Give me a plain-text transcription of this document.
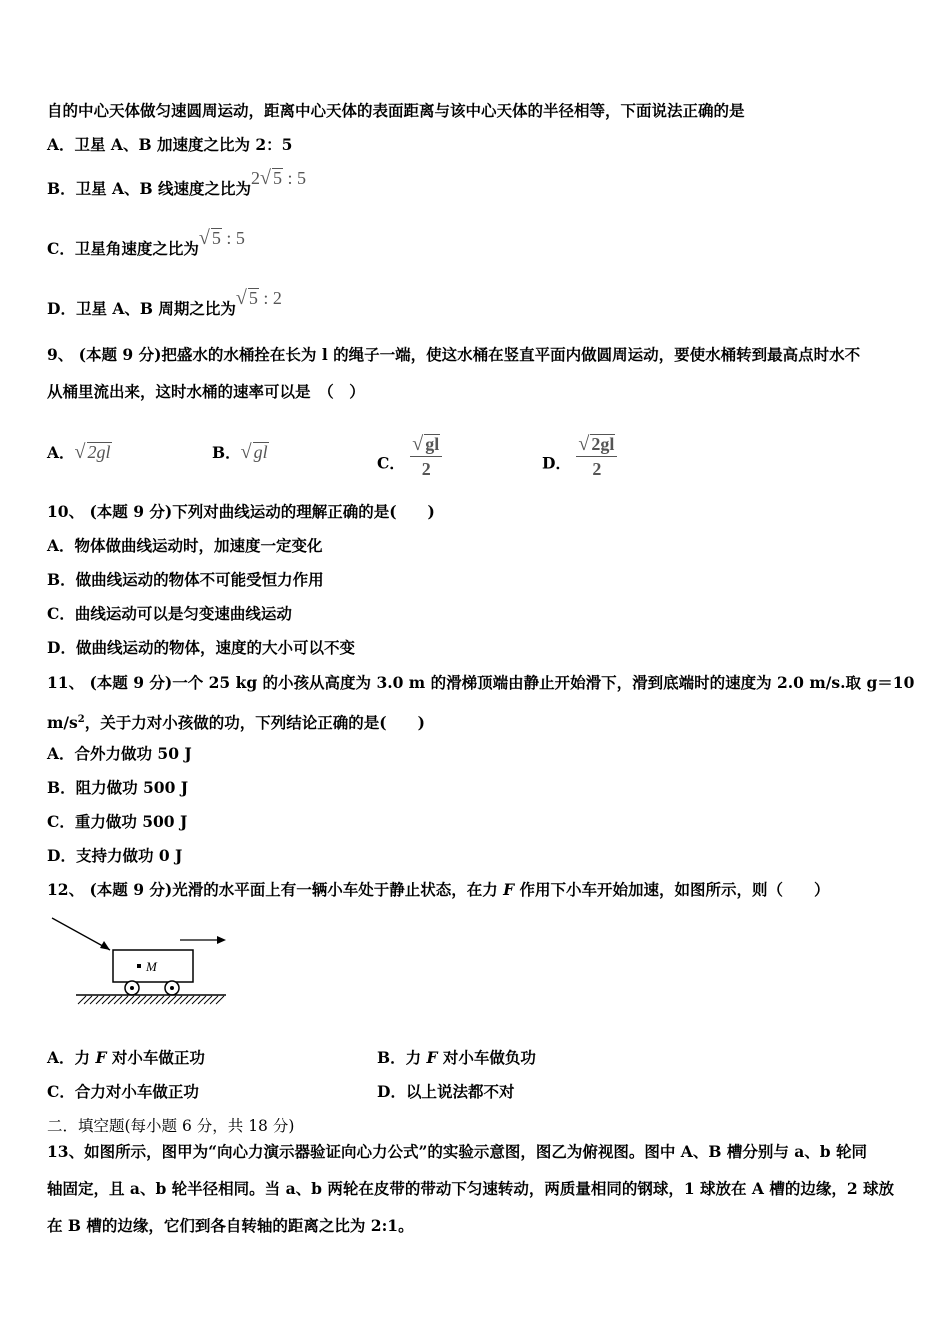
自的中心天体做匀速圆周运动，距离中心天体的表面距离与该中心天体的半径相等，下面说法正确的是
A．卫星 A、B 加速度之比为 2：5
B．卫星 A、B 线速度之比为2√ 5 : 5
C．卫星角速度之比为√ 5 : 5
D．卫星 A、B 周期之比为√ 5 : 2
9、 (本题 9 分)把盛水的水桶拴在长为 l 的绳子一端，使这水桶在竖直平面内做圆周运动，要使水桶转到最高点时水不
从桶里流出来，这时水桶的速率可以是　（　）
A．√ 2gl	B．√ gl
C． $\frac{√ gl}{2}$	D． $\frac{√ 2gl}{2}$
10、 (本题 9 分)下列对曲线运动的理解正确的是(　　)
A．物体做曲线运动时，加速度一定变化
B．做曲线运动的物体不可能受恒力作用
C．曲线运动可以是匀变速曲线运动
D．做曲线运动的物体，速度的大小可以不变
11、 (本题 9 分)一个 25 kg 的小孩从高度为 3.0 m 的滑梯顶端由静止开始滑下，滑到底端时的速度为 2.0 m/s.取 g＝10
$m/s^2$，关于力对小孩做的功，下列结论正确的是(　　)
A．合外力做功 50 J
B．阻力做功 500 J
C．重力做功 500 J
D．支持力做功 0 J
12、 (本题 9 分)光滑的水平面上有一辆小车处于静止状态，在力 F 作用下小车开始加速，如图所示，则（　　）
M
A．力 F 对小车做正功	B．力 F 对小车做负功
C．合力对小车做正功	D．以上说法都不对
二．填空题(每小题 6 分，共 18 分)
13、如图所示，图甲为“向心力演示器验证向心力公式”的实验示意图，图乙为俯视图。图中 A、B 槽分别与 a、b 轮同
轴固定，且 a、b 轮半径相同。当 a、b 两轮在皮带的带动下匀速转动，两质量相同的钢球，1 球放在 A 槽的边缘，2 球放
在 B 槽的边缘，它们到各自转轴的距离之比为 2:1。
